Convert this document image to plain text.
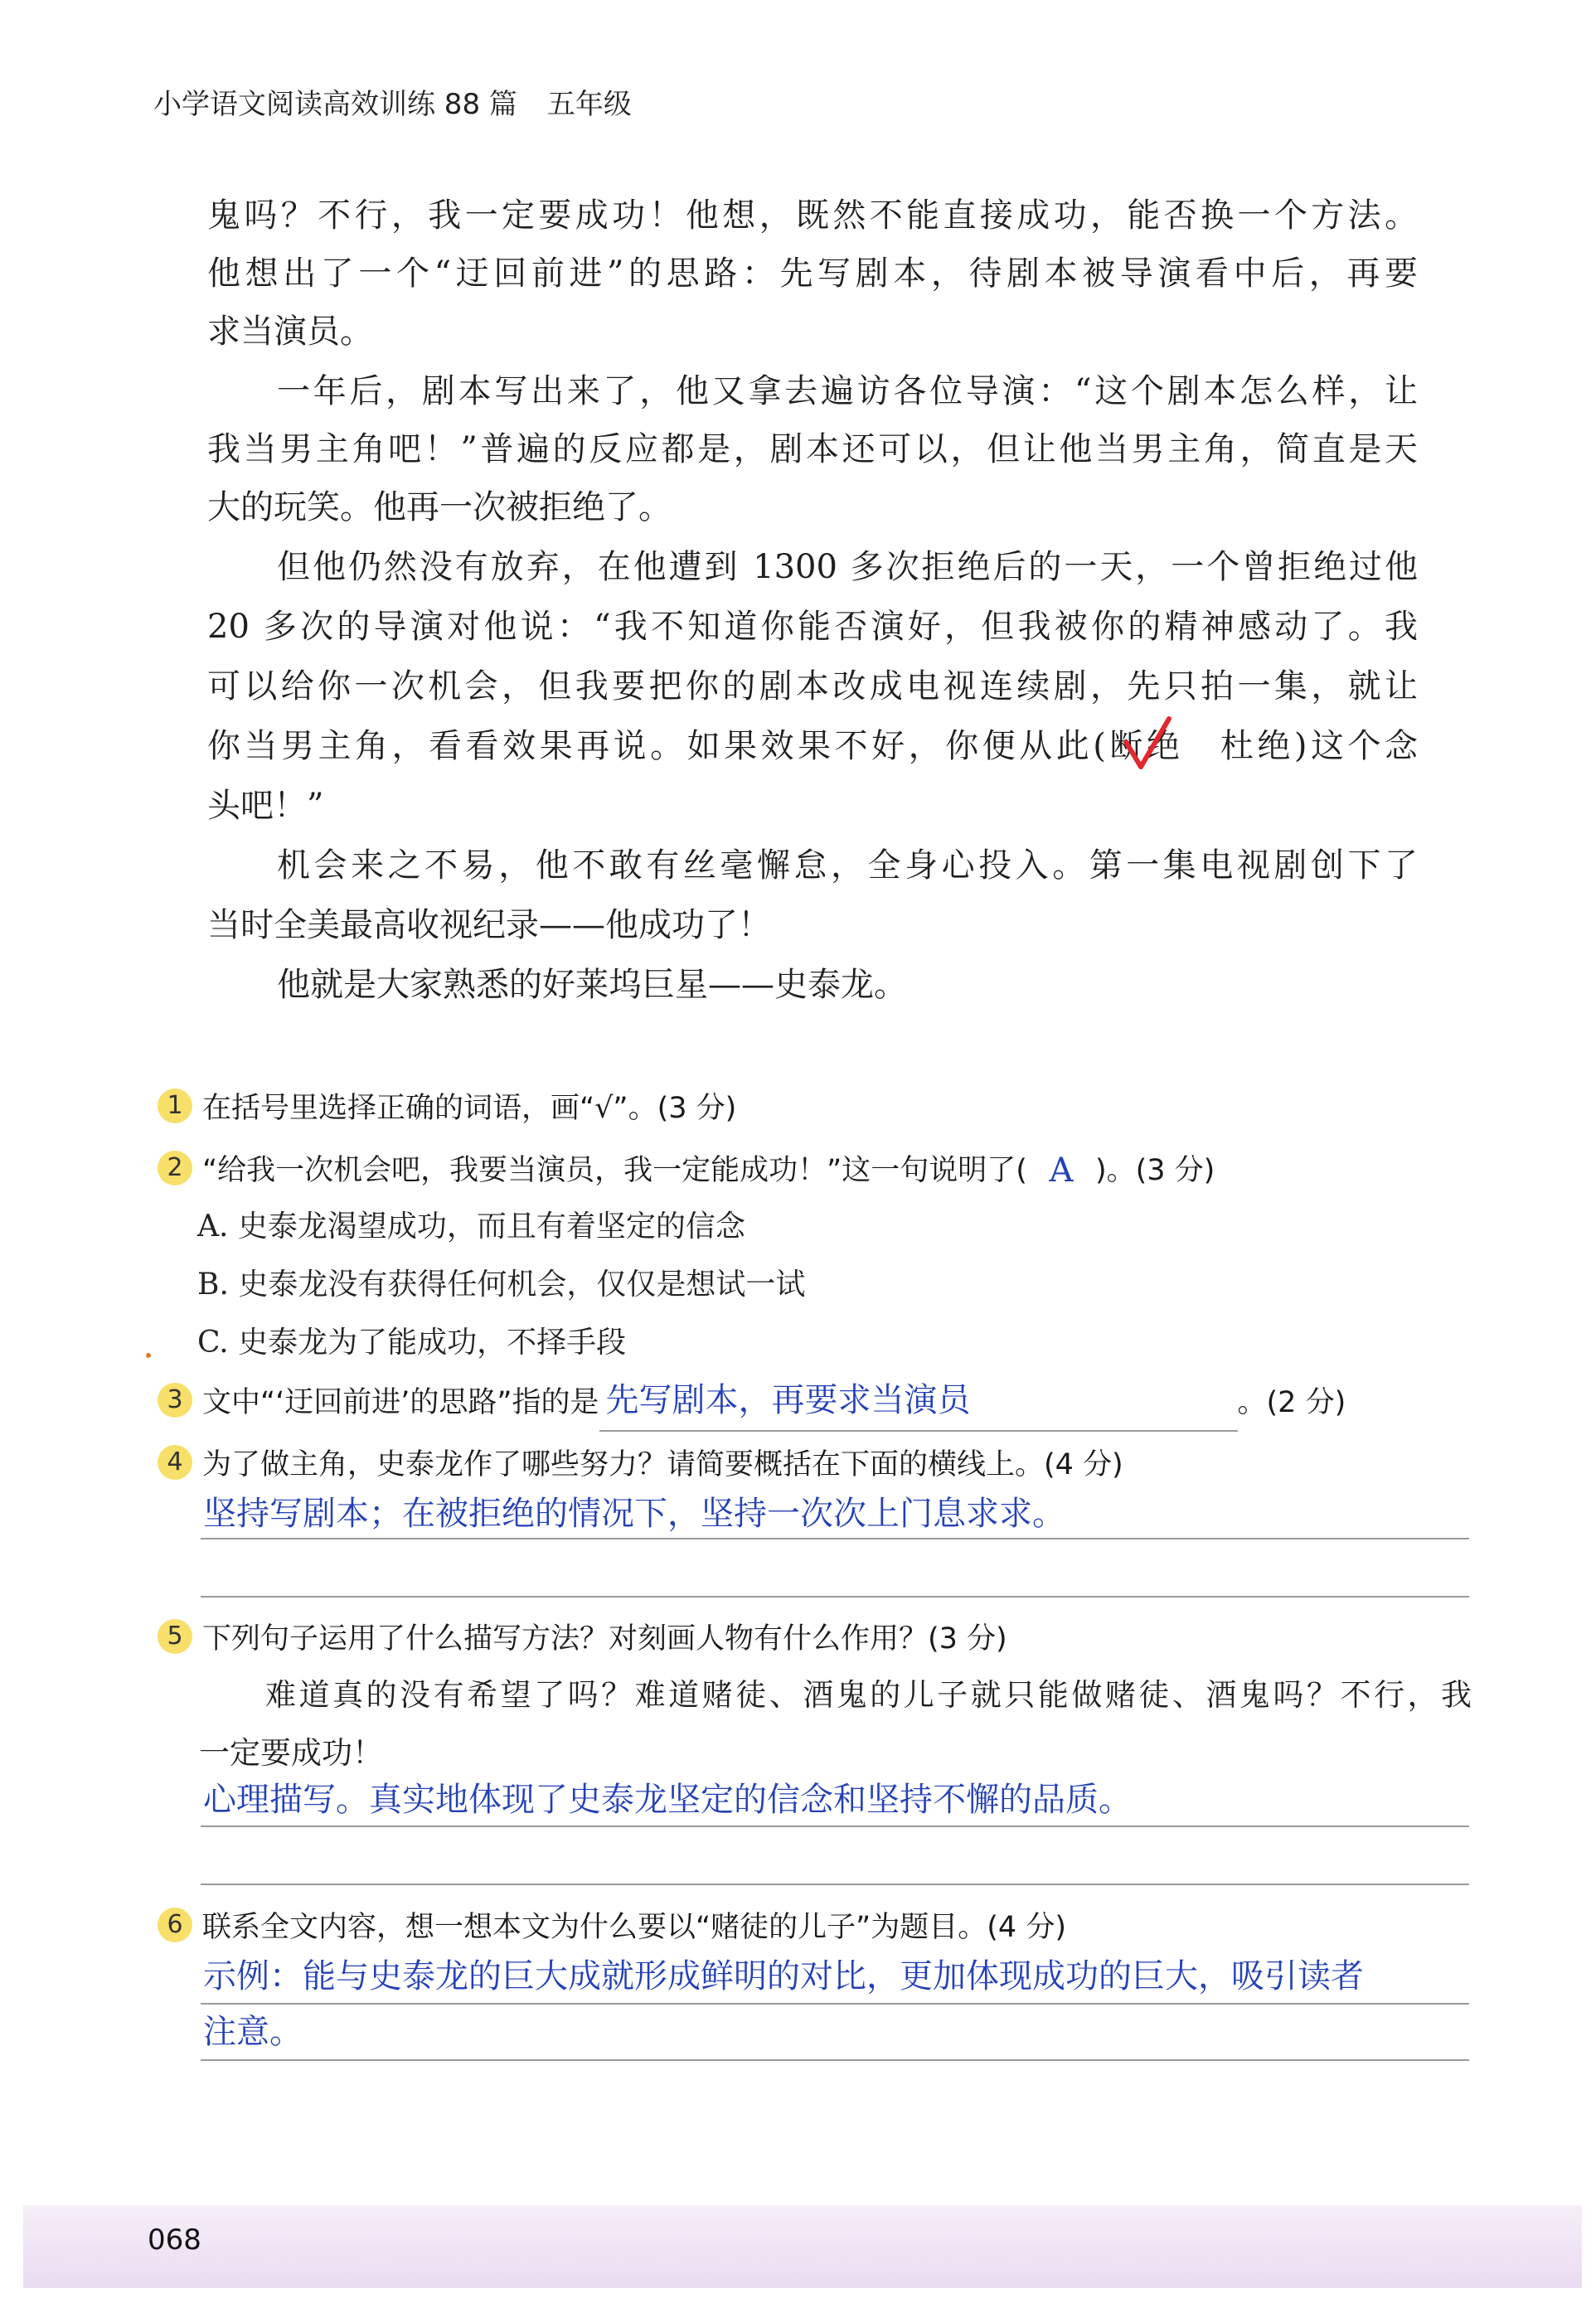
小学语文阅读高效训练 88 篇 五年级
鬼吗？不行，我一定要成功！他想，既然不能直接成功，能否换一个方法。
他想出了一个“迂回前进”的思路：先写剧本，待剧本被导演看中后，再要
求当演员。
一年后，剧本写出来了，他又拿去遍访各位导演：“这个剧本怎么样，让
我当男主角吧！”普遍的反应都是，剧本还可以，但让他当男主角，简直是天
大的玩笑。他再一次被拒绝了。
但他仍然没有放弃，在他遭到 1300 多次拒绝后的一天，一个曾拒绝过他
20 多次的导演对他说：“我不知道你能否演好，但我被你的精神感动了。我
可以给你一次机会，但我要把你的剧本改成电视连续剧，先只拍一集，就让
你当男主角，看看效果再说。如果效果不好，你便从此(断绝 杜绝)这个念
头吧！”
机会来之不易，他不敢有丝毫懈怠，全身心投入。第一集电视剧创下了
当时全美最高收视纪录——他成功了！
他就是大家熟悉的好莱坞巨星——史泰龙。
1 在括号里选择正确的词语，画“√”。(3 分)
2 “给我一次机会吧，我要当演员，我一定能成功！”这一句说明了( A )。(3 分)
A. 史泰龙渴望成功，而且有着坚定的信念
B. 史泰龙没有获得任何机会，仅仅是想试一试
C. 史泰龙为了能成功，不择手段
3 文中“‘迂回前进’的思路”指的是 先写剧本，再要求当演员	。(2 分)
4 为了做主角，史泰龙作了哪些努力？请简要概括在下面的横线上。(4 分)
坚持写剧本；在被拒绝的情况下，坚持一次次上门息求求。
5 下列句子运用了什么描写方法？对刻画人物有什么作用？(3 分)
难道真的没有希望了吗？难道赌徒、酒鬼的儿子就只能做赌徒、酒鬼吗？不行，我
一定要成功！
心理描写。真实地体现了史泰龙坚定的信念和坚持不懈的品质。
6 联系全文内容，想一想本文为什么要以“赌徒的儿子”为题目。(4 分)
示例：能与史泰龙的巨大成就形成鲜明的对比，更加体现成功的巨大，吸引读者
注意。
068
